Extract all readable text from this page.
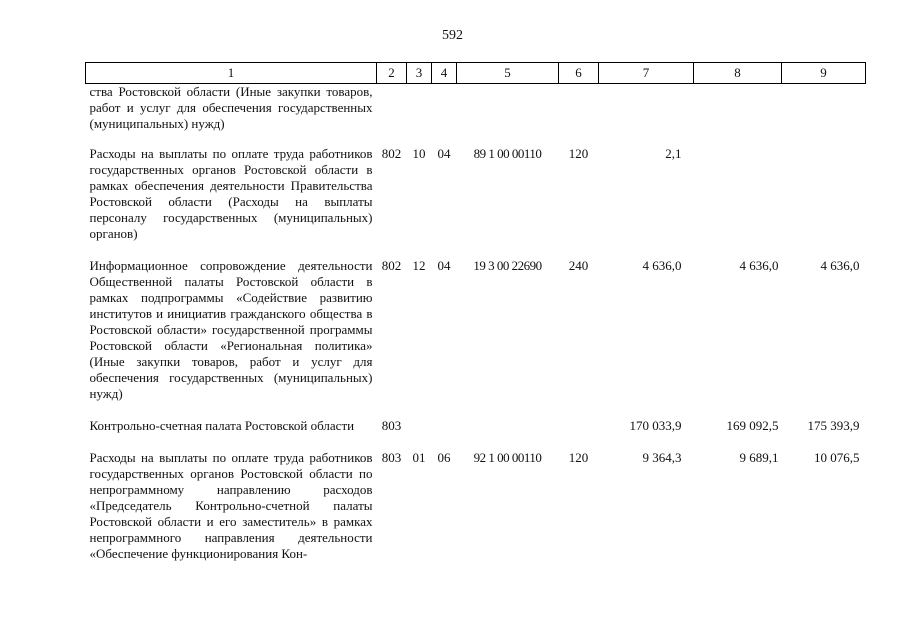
592
1	2	3	4	5	6	7	8	9
ства Ростовской области (Иные закупки товаров, работ и услуг для обеспечения государственных (муниципальных) нужд)								
Расходы на выплаты по оплате труда работников государственных органов Ростовской области в рамках обеспечения деятельности Правительства Ростовской области (Расходы на выплаты персоналу государственных (муниципальных) органов)	802	10	04	89 1 00 00110	120	2,1		
Информационное сопровождение деятельности Общественной палаты Ростовской области в рамках подпрограммы «Содействие развитию институтов и инициатив гражданского общества в Ростовской области» государственной программы Ростовской области «Региональная политика» (Иные закупки товаров, работ и услуг для обеспечения государственных (муниципальных) нужд)	802	12	04	19 3 00 22690	240	4 636,0	4 636,0	4 636,0
Контрольно-счетная палата Ростовской области	803					170 033,9	169 092,5	175 393,9
Расходы на выплаты по оплате труда работников государственных органов Ростовской области по непрограммному направлению расходов «Председатель Контрольно-счетной палаты Ростовской области и его заместитель» в рамках непрограммного направления деятельности «Обеспечение функционирования Кон-	803	01	06	92 1 00 00110	120	9 364,3	9 689,1	10 076,5
